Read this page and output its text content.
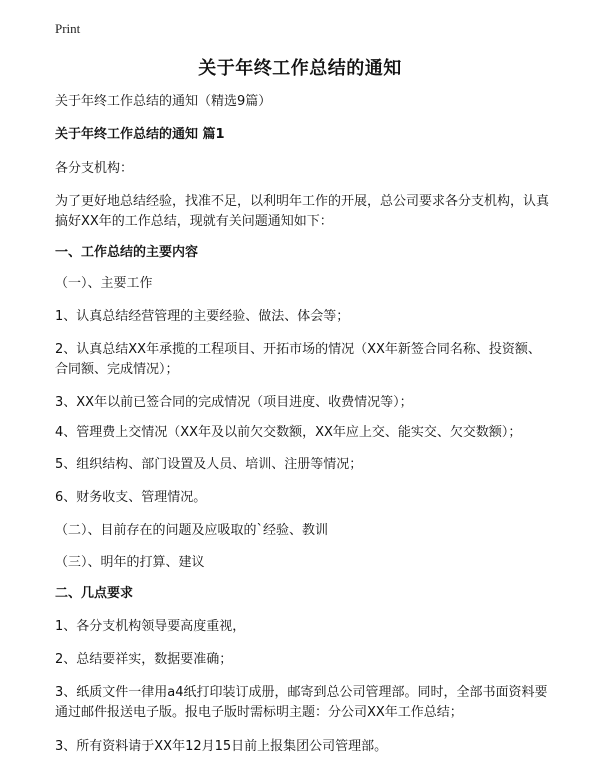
Print
关于年终工作总结的通知

关于年终工作总结的通知（精选9篇）

关于年终工作总结的通知 篇1

各分支机构：

为了更好地总结经验，找准不足，以利明年工作的开展，总公司要求各分支机构，认真搞好XX年的工作总结，现就有关问题通知如下：

一、工作总结的主要内容

（一）、主要工作

1、认真总结经营管理的主要经验、做法、体会等；

2、认真总结XX年承揽的工程项目、开拓市场的情况（XX年新签合同名称、投资额、合同额、完成情况）；

3、XX年以前已签合同的完成情况（项目进度、收费情况等）；

4、管理费上交情况（XX年及以前欠交数额，XX年应上交、能实交、欠交数额）；

5、组织结构、部门设置及人员、培训、注册等情况；

6、财务收支、管理情况。

（二）、目前存在的问题及应吸取的`经验、教训

（三）、明年的打算、建议

二、几点要求

1、各分支机构领导要高度重视，

2、总结要祥实，数据要准确；

3、纸质文件一律用a4纸打印装订成册，邮寄到总公司管理部。同时，全部书面资料要通过邮件报送电子版。报电子版时需标明主题：分公司XX年工作总结；

3、所有资料请于XX年12月15日前上报集团公司管理部。
